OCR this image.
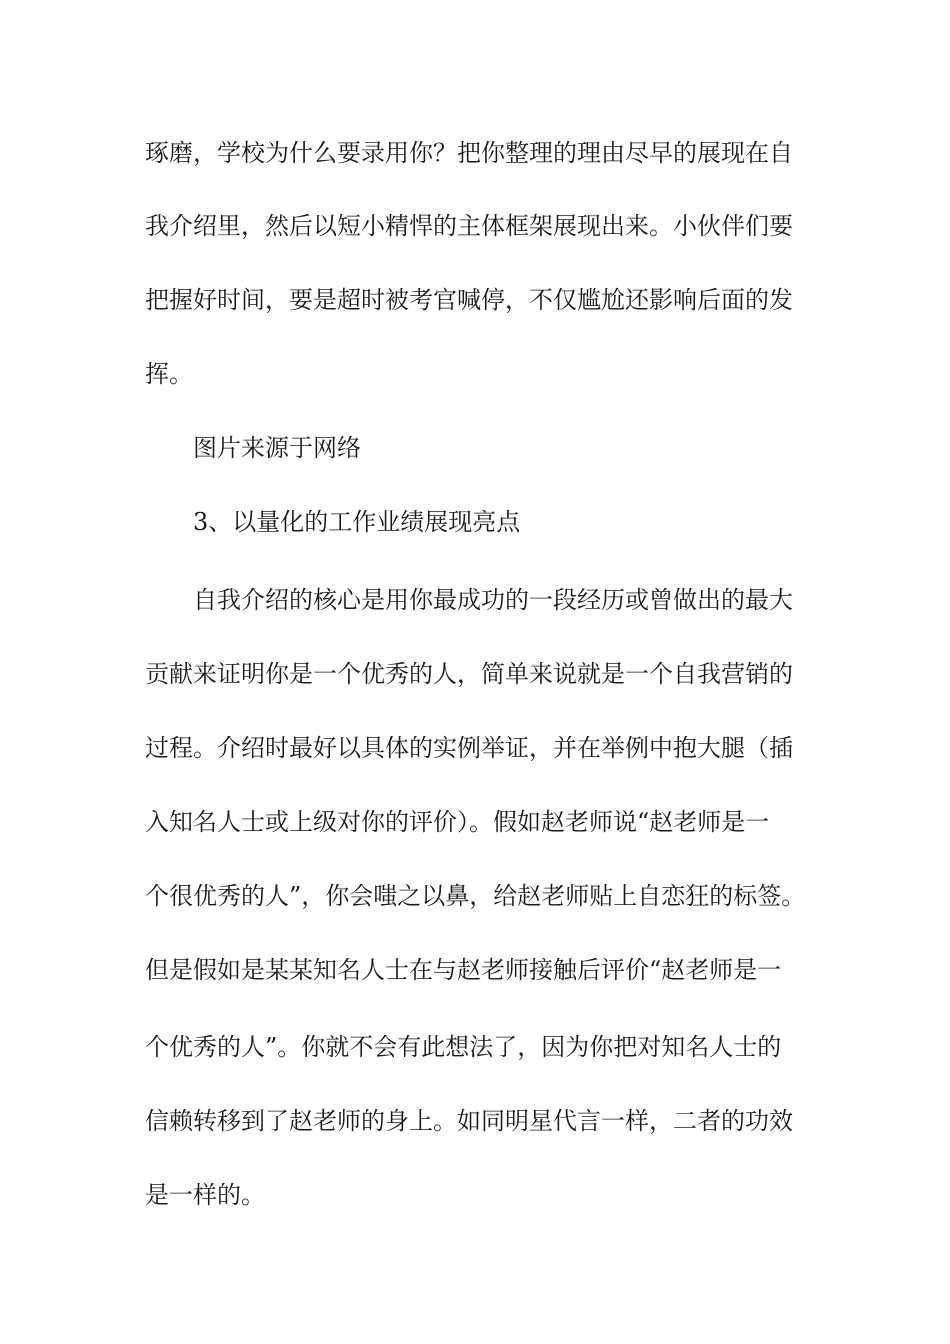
琢磨，学校为什么要录用你？把你整理的理由尽早的展现在自

我介绍里，然后以短小精悍的主体框架展现出来。小伙伴们要

把握好时间，要是超时被考官喊停，不仅尴尬还影响后面的发

挥。

图片来源于网络

3、以量化的工作业绩展现亮点

自我介绍的核心是用你最成功的一段经历或曾做出的最大

贡献来证明你是一个优秀的人，简单来说就是一个自我营销的

过程。介绍时最好以具体的实例举证，并在举例中抱大腿（插

入知名人士或上级对你的评价）。假如赵老师说“赵老师是一

个很优秀的人”，你会嗤之以鼻，给赵老师贴上自恋狂的标签。

但是假如是某某知名人士在与赵老师接触后评价“赵老师是一

个优秀的人”。你就不会有此想法了，因为你把对知名人士的

信赖转移到了赵老师的身上。如同明星代言一样，二者的功效

是一样的。
